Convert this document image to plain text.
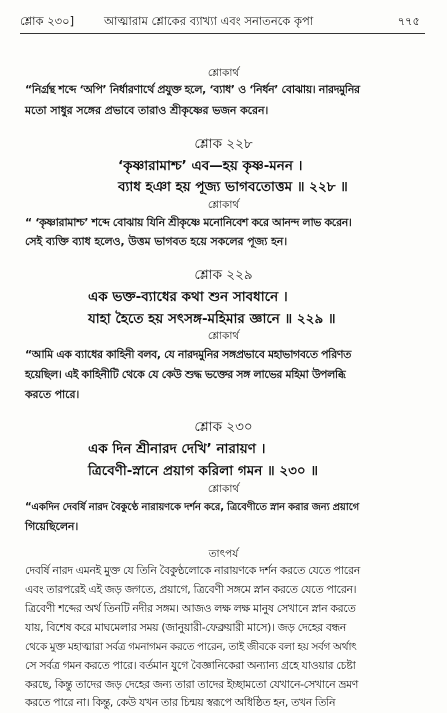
শ্লোক ২৩০]	আত্মারাম শ্লোকের ব্যাখ্যা এবং সনাতনকে কৃপা	৭৭৫
শ্লোকার্থ
“নির্গ্রন্থ শব্দে ‘অপি’ নির্ধারণার্থে প্রযুক্ত হলে, ‘ব্যাধ’ ও ‘নির্ধন’ বোঝায়। নারদমুনির
মতো সাধুর সঙ্গের প্রভাবে তারাও শ্রীকৃষ্ণের ভজন করেন।
শ্লোক ২২৮
‘কৃষ্ণারামাশ্চ’ এব—হয় কৃষ্ণ-মনন ।
ব্যাধ হঞা হয় পূজ্য ভাগবতোত্তম ॥ ২২৮ ॥
শ্লোকার্থ
“ ‘কৃষ্ণারামাশ্চ’ শব্দে বোঝায় যিনি শ্রীকৃষ্ণে মনোনিবেশ করে আনন্দ লাভ করেন।
সেই ব্যক্তি ব্যাধ হলেও, উত্তম ভাগবত হয়ে সকলের পূজ্য হন।
শ্লোক ২২৯
এক ভক্ত-ব্যাধের কথা শুন সাবধানে ।
যাহা হৈতে হয় সৎসঙ্গ-মহিমার জ্ঞানে ॥ ২২৯ ॥
শ্লোকার্থ
“আমি এক ব্যাধের কাহিনী বলব, যে নারদমুনির সঙ্গপ্রভাবে মহাভাগবতে পরিণত
হয়েছিল। এই কাহিনীটি থেকে যে কেউ শুদ্ধ ভক্তের সঙ্গ লাভের মহিমা উপলব্ধি
করতে পারে।
শ্লোক ২৩০
এক দিন শ্রীনারদ দেখি’ নারায়ণ ।
ত্রিবেণী-স্নানে প্রয়াগ করিলা গমন ॥ ২৩০ ॥
শ্লোকার্থ
“একদিন দেবর্ষি নারদ বৈকুণ্ঠে নারায়ণকে দর্শন করে, ত্রিবেণীতে স্নান করার জন্য প্রয়াগে
গিয়েছিলেন।
তাৎপর্য
দেবর্ষি নারদ এমনই মুক্ত যে তিনি বৈকুণ্ঠলোকে নারায়ণকে দর্শন করতে যেতে পারেন
এবং তারপরেই এই জড় জগতে, প্রয়াগে, ত্রিবেণী সঙ্গমে স্নান করতে যেতে পারেন।
ত্রিবেণী শব্দের অর্থ তিনটি নদীর সঙ্গম। আজও লক্ষ লক্ষ মানুষ সেখানে স্নান করতে
যায়, বিশেষ করে মাঘমেলার সময় (জানুয়ারী-ফেব্রুয়ারী মাসে)। জড় দেহের বন্ধন
থেকে মুক্ত মহাত্মারা সর্বত্র গমনাগমন করতে পারেন, তাই জীবকে বলা হয় সর্বগ অর্থাৎ
সে সর্বত্র গমন করতে পারে। বর্তমান যুগে বৈজ্ঞানিকেরা অন্যান্য গ্রহে যাওয়ার চেষ্টা
করছে, কিন্তু তাদের জড় দেহের জন্য তারা তাদের ইচ্ছামতো যেখানে-সেখানে ভ্রমণ
করতে পারে না। কিন্তু, কেউ যখন তার চিন্ময় স্বরূপে অধিষ্ঠিত হন, তখন তিনি
